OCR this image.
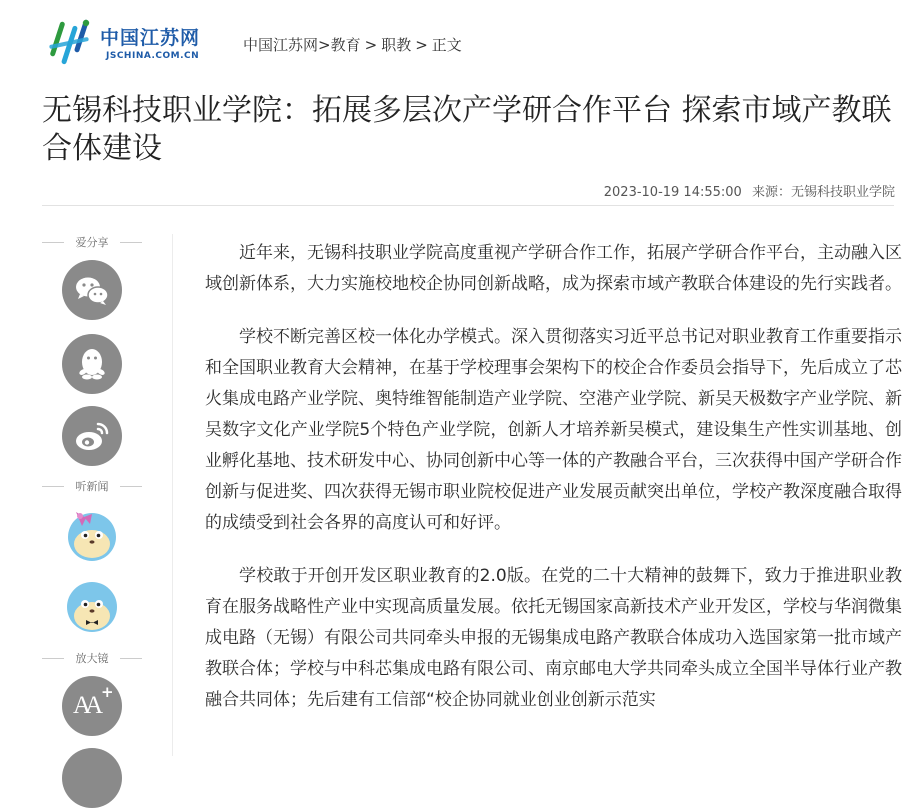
中国江苏网
JSCHINA.COM.CN
中国江苏网>教育 > 职教 > 正文
无锡科技职业学院：拓展多层次产学研合作平台 探索市域产教联合体建设
2023-10-19 14:55:00 来源：无锡科技职业学院
爱分享
听新闻
放大镜
AA +

近年来，无锡科技职业学院高度重视产学研合作工作，拓展产学研合作平台，主动融入区域创新体系，大力实施校地校企协同创新战略，成为探索市域产教联合体建设的先行实践者。

学校不断完善区校一体化办学模式。深入贯彻落实习近平总书记对职业教育工作重要指示和全国职业教育大会精神，在基于学校理事会架构下的校企合作委员会指导下，先后成立了芯火集成电路产业学院、奥特维智能制造产业学院、空港产业学院、新吴天极数字产业学院、新吴数字文化产业学院5个特色产业学院，创新人才培养新吴模式，建设集生产性实训基地、创业孵化基地、技术研发中心、协同创新中心等一体的产教融合平台，三次获得中国产学研合作创新与促进奖、四次获得无锡市职业院校促进产业发展贡献突出单位，学校产教深度融合取得的成绩受到社会各界的高度认可和好评。

学校敢于开创开发区职业教育的2.0版。在党的二十大精神的鼓舞下，致力于推进职业教育在服务战略性产业中实现高质量发展。依托无锡国家高新技术产业开发区，学校与华润微集成电路（无锡）有限公司共同牵头申报的无锡集成电路产教联合体成功入选国家第一批市域产教联合体；学校与中科芯集成电路有限公司、南京邮电大学共同牵头成立全国半导体行业产教融合共同体；先后建有工信部“校企协同就业创业创新示范实
